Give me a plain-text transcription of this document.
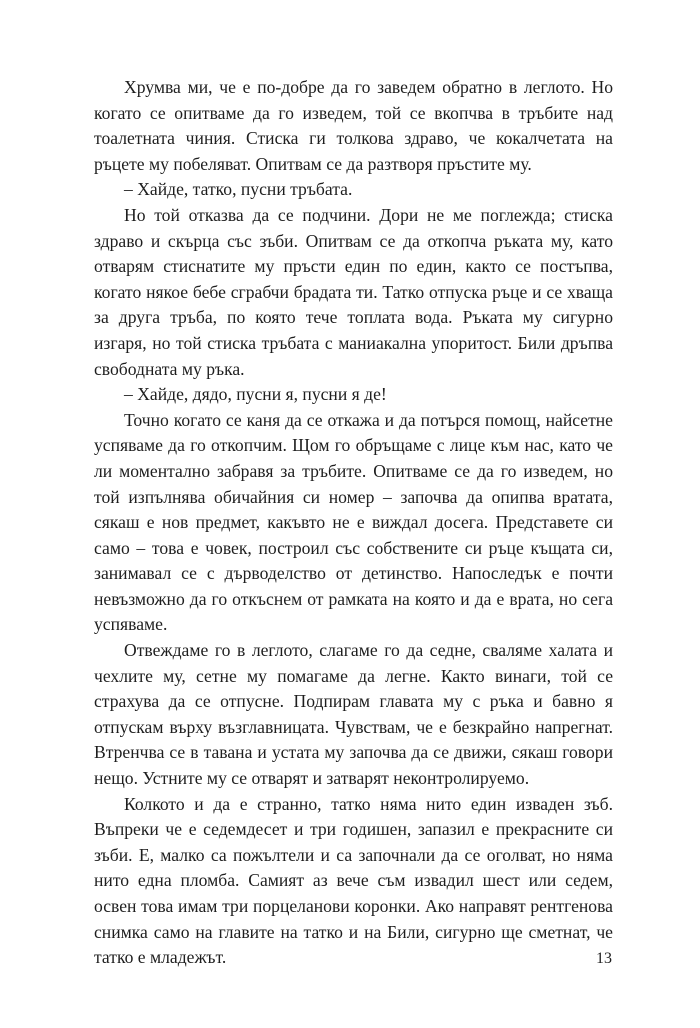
Хрумва ми, че е по-добре да го заведем обратно в леглото. Но когато се опитваме да го изведем, той се вкопчва в тръбите над тоалетната чиния. Стиска ги толкова здраво, че кокалчетата на ръцете му побеляват. Опитвам се да разтворя пръстите му.

– Хайде, татко, пусни тръбата.

Но той отказва да се подчини. Дори не ме поглежда; стиска здраво и скърца със зъби. Опитвам се да откопча ръката му, като отварям стиснатите му пръсти един по един, както се постъпва, когато някое бебе сграбчи брадата ти. Татко отпуска ръце и се хваща за друга тръба, по която тече топлата вода. Ръката му сигурно изгаря, но той стиска тръбата с маниакална упоритост. Били дръпва свободната му ръка.

– Хайде, дядо, пусни я, пусни я де!

Точно когато се каня да се откажа и да потърся помощ, найсетне успяваме да го откопчим. Щом го обръщаме с лице към нас, като че ли моментално забравя за тръбите. Опитваме се да го изведем, но той изпълнява обичайния си номер – започва да опипва вратата, сякаш е нов предмет, какъвто не е виждал досега. Представете си само – това е човек, построил със собствените си ръце къщата си, занимавал се с дърводелство от детинство. Напоследък е почти невъзможно да го откъснем от рамката на която и да е врата, но сега успяваме.

Отвеждаме го в леглото, слагаме го да седне, сваляме халата и чехлите му, сетне му помагаме да легне. Както винаги, той се страхува да се отпусне. Подпирам главата му с ръка и бавно я отпускам върху възглавницата. Чувствам, че е безкрайно напрегнат. Втренчва се в тавана и устата му започва да се движи, сякаш говори нещо. Устните му се отварят и затварят неконтролируемо.

Колкото и да е странно, татко няма нито един изваден зъб. Въпреки че е седемдесет и три годишен, запазил е прекрасните си зъби. Е, малко са пожълтели и са започнали да се оголват, но няма нито една пломба. Самият аз вече съм извадил шест или седем, освен това имам три порцеланови коронки. Ако направят рентгенова снимка само на главите на татко и на Били, сигурно ще сметнат, че татко е младежът.	13
